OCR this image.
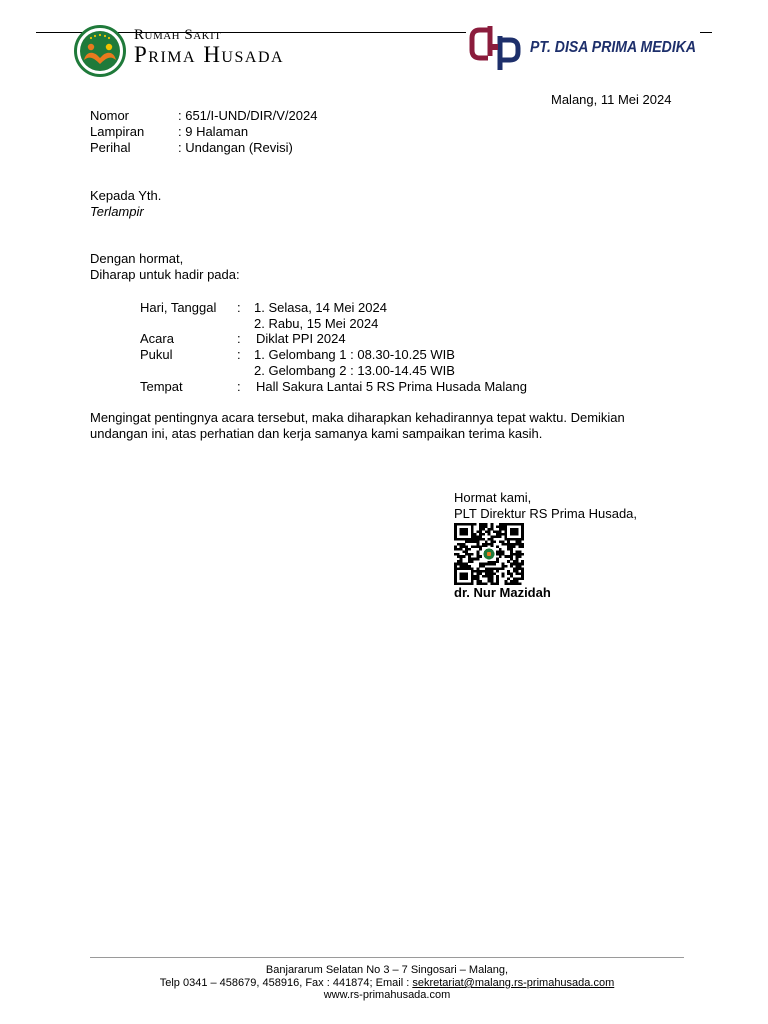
Rumah Sakit
Prima Husada	PT. DISA PRIMA MEDIKA
Malang, 11 Mei 2024
Nomor	: 651/I-UND/DIR/V/2024
Lampiran	: 9 Halaman
Perihal	: Undangan (Revisi)
Kepada Yth.
Terlampir
Dengan hormat,
Diharap untuk hadir pada:
Hari, Tanggal : 1. Selasa, 14 Mei 2024
2. Rabu, 15 Mei 2024
Acara	: Diklat PPI 2024
Pukul	: 1. Gelombang 1 : 08.30-10.25 WIB
2. Gelombang 2 : 13.00-14.45 WIB
Tempat	: Hall Sakura Lantai 5 RS Prima Husada Malang
Mengingat pentingnya acara tersebut, maka diharapkan kehadirannya tepat waktu. Demikian
undangan ini, atas perhatian dan kerja samanya kami sampaikan terima kasih.
Hormat kami,
PLT Direktur RS Prima Husada,
dr. Nur Mazidah
Banjararum Selatan No 3 – 7 Singosari – Malang,
Telp 0341 – 458679, 458916, Fax : 441874; Email : sekretariat@malang.rs-primahusada.com
www.rs-primahusada.com
